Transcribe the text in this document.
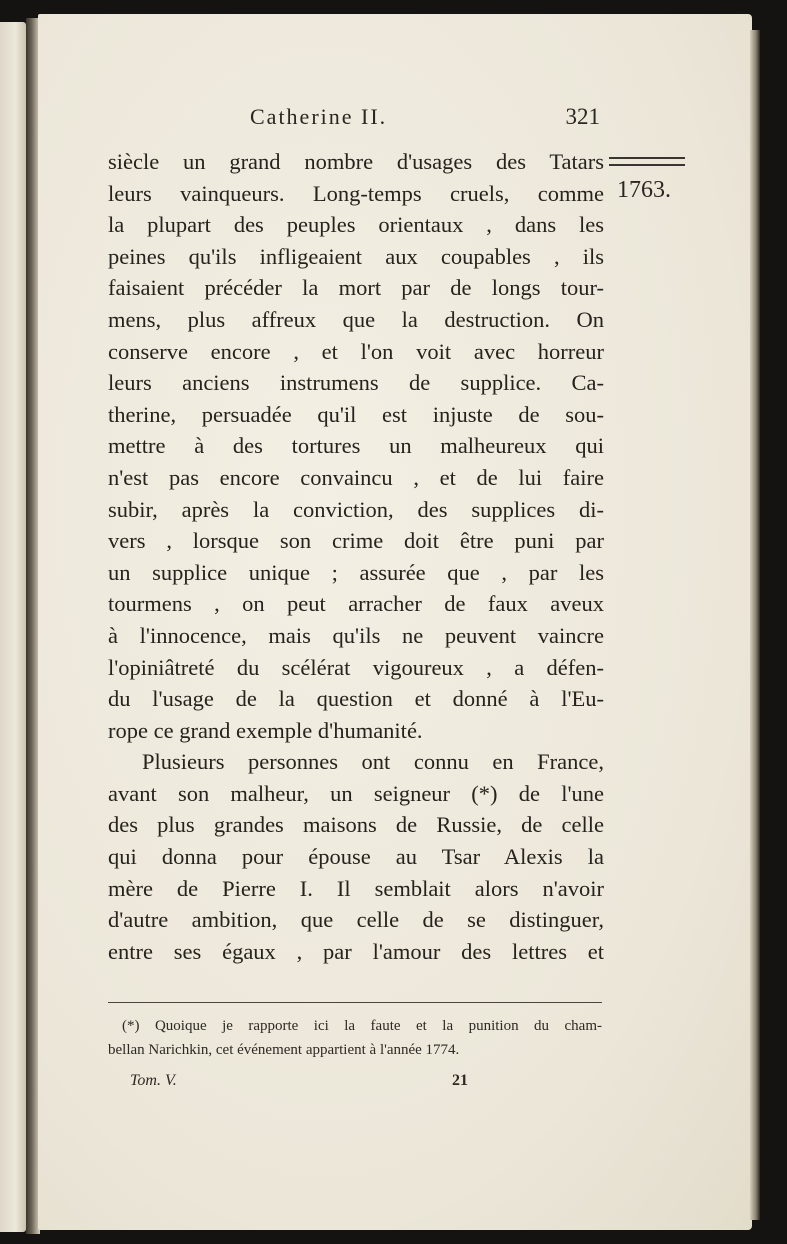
Catherine II.	321
1763.
siècle un grand nombre d'usages des Tatars
leurs vainqueurs. Long-temps cruels, comme
la plupart des peuples orientaux , dans les
peines qu'ils infligeaient aux coupables , ils
faisaient précéder la mort par de longs tour-
mens, plus affreux que la destruction. On
conserve encore , et l'on voit avec horreur
leurs anciens instrumens de supplice. Ca-
therine, persuadée qu'il est injuste de sou-
mettre à des tortures un malheureux qui
n'est pas encore convaincu , et de lui faire
subir, après la conviction, des supplices di-
vers , lorsque son crime doit être puni par
un supplice unique ; assurée que , par les
tourmens , on peut arracher de faux aveux
à l'innocence, mais qu'ils ne peuvent vaincre
l'opiniâtreté du scélérat vigoureux , a défen-
du l'usage de la question et donné à l'Eu-
rope ce grand exemple d'humanité.
Plusieurs personnes ont connu en France,
avant son malheur, un seigneur (*) de l'une
des plus grandes maisons de Russie, de celle
qui donna pour épouse au Tsar Alexis la
mère de Pierre I. Il semblait alors n'avoir
d'autre ambition, que celle de se distinguer,
entre ses égaux , par l'amour des lettres et
(*) Quoique je rapporte ici la faute et la punition du cham-
bellan Narichkin, cet événement appartient à l'année 1774.
Tom. V.	21
